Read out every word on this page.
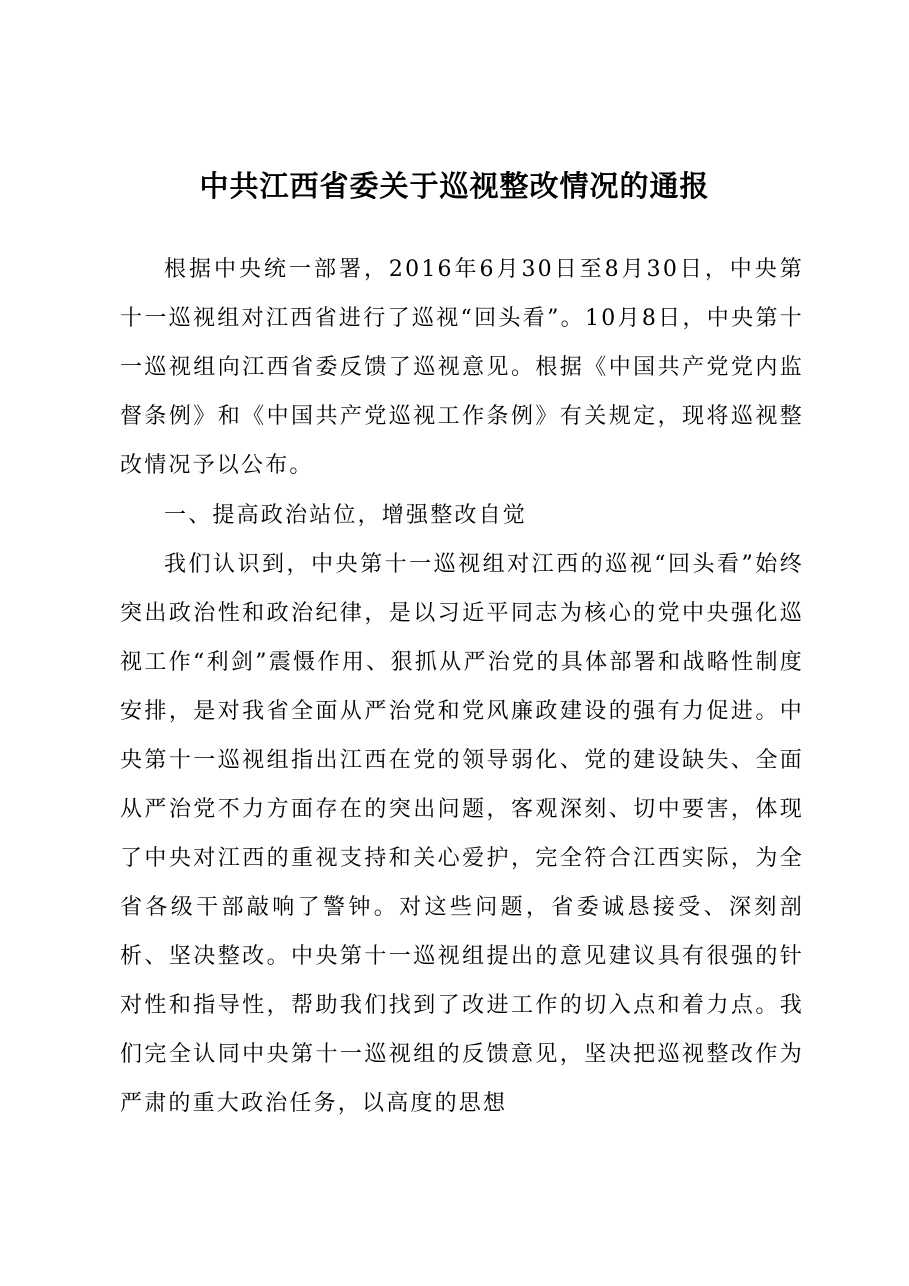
中共江西省委关于巡视整改情况的通报

根据中央统一部署，2016年6月30日至8月30日，中央第十一巡视组对江西省进行了巡视“回头看”。10月8日，中央第十一巡视组向江西省委反馈了巡视意见。根据《中国共产党党内监督条例》和《中国共产党巡视工作条例》有关规定，现将巡视整改情况予以公布。

一、提高政治站位，增强整改自觉

我们认识到，中央第十一巡视组对江西的巡视“回头看”始终突出政治性和政治纪律，是以习近平同志为核心的党中央强化巡视工作“利剑”震慑作用、狠抓从严治党的具体部署和战略性制度安排，是对我省全面从严治党和党风廉政建设的强有力促进。中央第十一巡视组指出江西在党的领导弱化、党的建设缺失、全面从严治党不力方面存在的突出问题，客观深刻、切中要害，体现了中央对江西的重视支持和关心爱护，完全符合江西实际，为全省各级干部敲响了警钟。对这些问题，省委诚恳接受、深刻剖析、坚决整改。中央第十一巡视组提出的意见建议具有很强的针对性和指导性，帮助我们找到了改进工作的切入点和着力点。我们完全认同中央第十一巡视组的反馈意见，坚决把巡视整改作为严肃的重大政治任务，以高度的思想
